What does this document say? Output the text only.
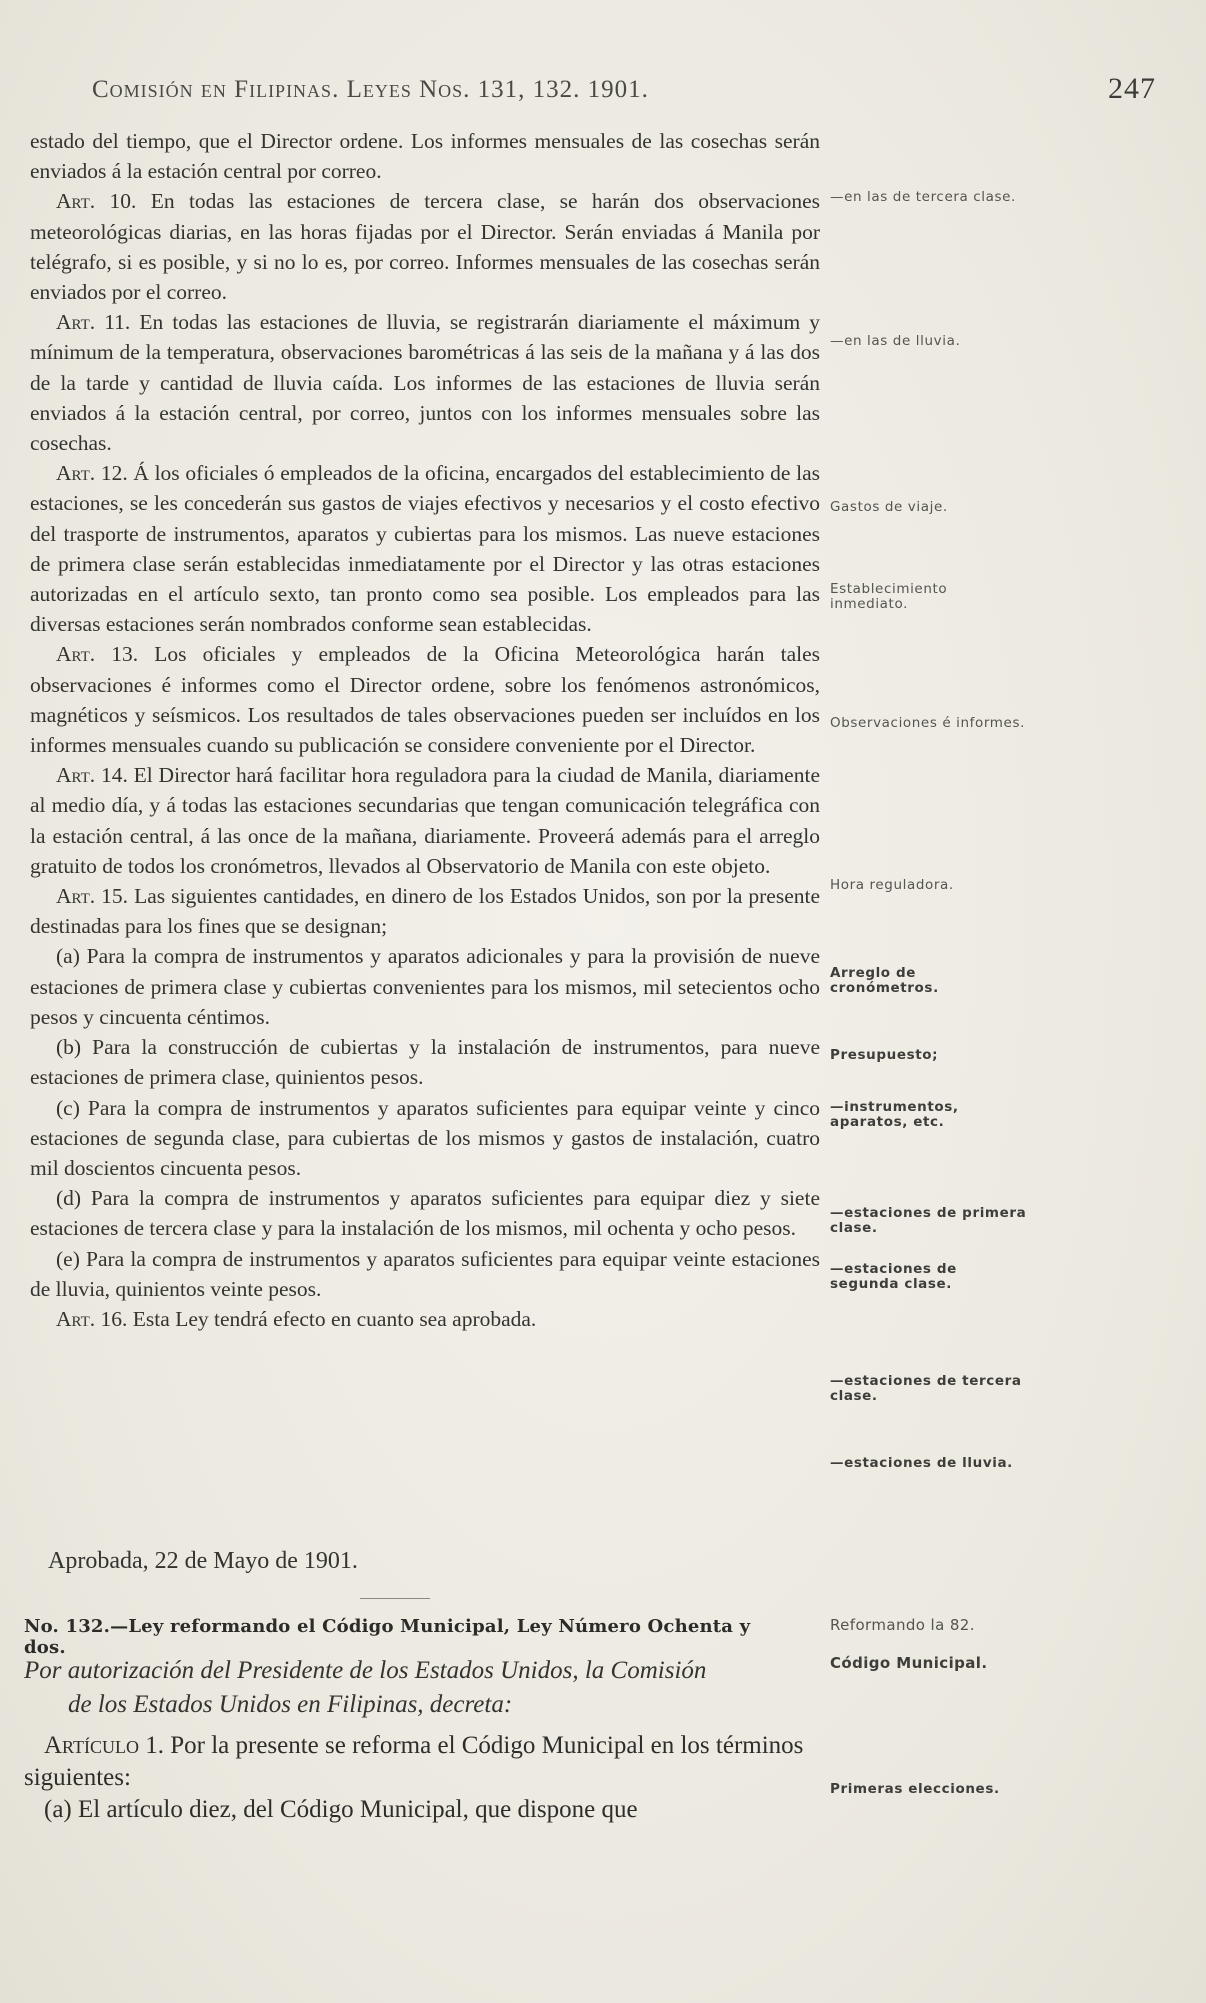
Comisión en Filipinas. Leyes Nos. 131, 132. 1901.	247

estado del tiempo, que el Director ordene. Los informes mensuales de las cosechas serán enviados á la estación central por correo.

Art. 10. En todas las estaciones de tercera clase, se harán dos observaciones meteorológicas diarias, en las horas fijadas por el Director. Serán enviadas á Manila por telégrafo, si es posible, y si no lo es, por correo. Informes mensuales de las cosechas serán enviados por el correo.

Art. 11. En todas las estaciones de lluvia, se registrarán diariamente el máximum y mínimum de la temperatura, observaciones barométricas á las seis de la mañana y á las dos de la tarde y cantidad de lluvia caída. Los informes de las estaciones de lluvia serán enviados á la estación central, por correo, juntos con los informes mensuales sobre las cosechas.

Art. 12. Á los oficiales ó empleados de la oficina, encargados del establecimiento de las estaciones, se les concederán sus gastos de viajes efectivos y necesarios y el costo efectivo del trasporte de instrumentos, aparatos y cubiertas para los mismos. Las nueve estaciones de primera clase serán establecidas inmediatamente por el Director y las otras estaciones autorizadas en el artículo sexto, tan pronto como sea posible. Los empleados para las diversas estaciones serán nombrados conforme sean establecidas.

Art. 13. Los oficiales y empleados de la Oficina Meteorológica harán tales observaciones é informes como el Director ordene, sobre los fenómenos astronómicos, magnéticos y seísmicos. Los resultados de tales observaciones pueden ser incluídos en los informes mensuales cuando su publicación se considere conveniente por el Director.

Art. 14. El Director hará facilitar hora reguladora para la ciudad de Manila, diariamente al medio día, y á todas las estaciones secundarias que tengan comunicación telegráfica con la estación central, á las once de la mañana, diariamente. Proveerá además para el arreglo gratuito de todos los cronómetros, llevados al Observatorio de Manila con este objeto.

Art. 15. Las siguientes cantidades, en dinero de los Estados Unidos, son por la presente destinadas para los fines que se designan;

(a) Para la compra de instrumentos y aparatos adicionales y para la provisión de nueve estaciones de primera clase y cubiertas convenientes para los mismos, mil setecientos ocho pesos y cincuenta céntimos.

(b) Para la construcción de cubiertas y la instalación de instrumentos, para nueve estaciones de primera clase, quinientos pesos.

(c) Para la compra de instrumentos y aparatos suficientes para equipar veinte y cinco estaciones de segunda clase, para cubiertas de los mismos y gastos de instalación, cuatro mil doscientos cincuenta pesos.

(d) Para la compra de instrumentos y aparatos suficientes para equipar diez y siete estaciones de tercera clase y para la instalación de los mismos, mil ochenta y ocho pesos.

(e) Para la compra de instrumentos y aparatos suficientes para equipar veinte estaciones de lluvia, quinientos veinte pesos.

Art. 16. Esta Ley tendrá efecto en cuanto sea aprobada.

Aprobada, 22 de Mayo de 1901.
No. 132.—Ley reformando el Código Municipal, Ley Número Ochenta y dos.
Por autorización del Presidente de los Estados Unidos, la Comisión
de los Estados Unidos en Filipinas, decreta:

Artículo 1. Por la presente se reforma el Código Municipal en los términos siguientes:

(a) El artículo diez, del Código Municipal, que dispone que

—en las de tercera clase.
—en las de lluvia.
Gastos de viaje.
Establecimiento inmediato.
Observaciones é informes.
Hora reguladora.
Arreglo de cronómetros.
Presupuesto;
—instrumentos, aparatos, etc.
—estaciones de primera clase.
—estaciones de segunda clase.
—estaciones de tercera clase.
—estaciones de lluvia.
Reformando la 82.
Código Municipal.
Primeras elecciones.
